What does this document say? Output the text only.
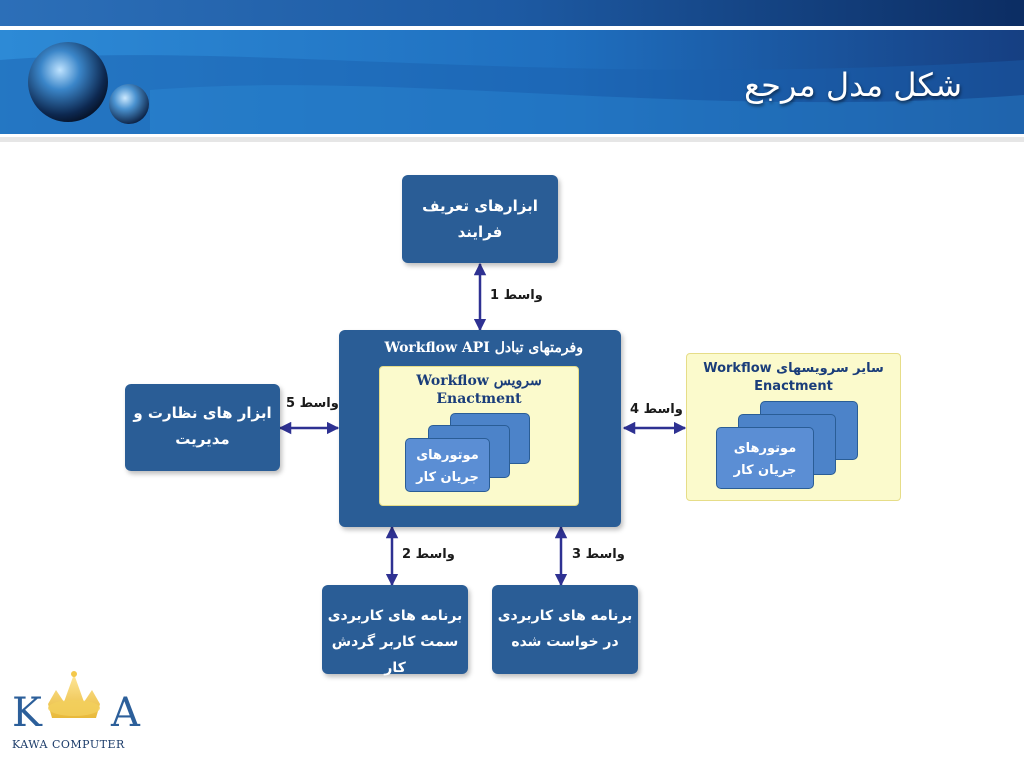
شکل مدل مرجع
ابزارهای تعریف
فرایند
واسط 1
وفرمتهای تبادل Workflow API
سرویس Workflow
Enactment
موتورهای
جریان کار
سایر سرویسهای Workflow
Enactment
موتورهای
جریان کار
واسط 4
ابزار های نظارت و
مدیریت
واسط 5
برنامه های کاربردی
سمت کاربر گردش کار
واسط 2
برنامه های کاربردی
در خواست شده
واسط 3
K A
KAWA COMPUTER
